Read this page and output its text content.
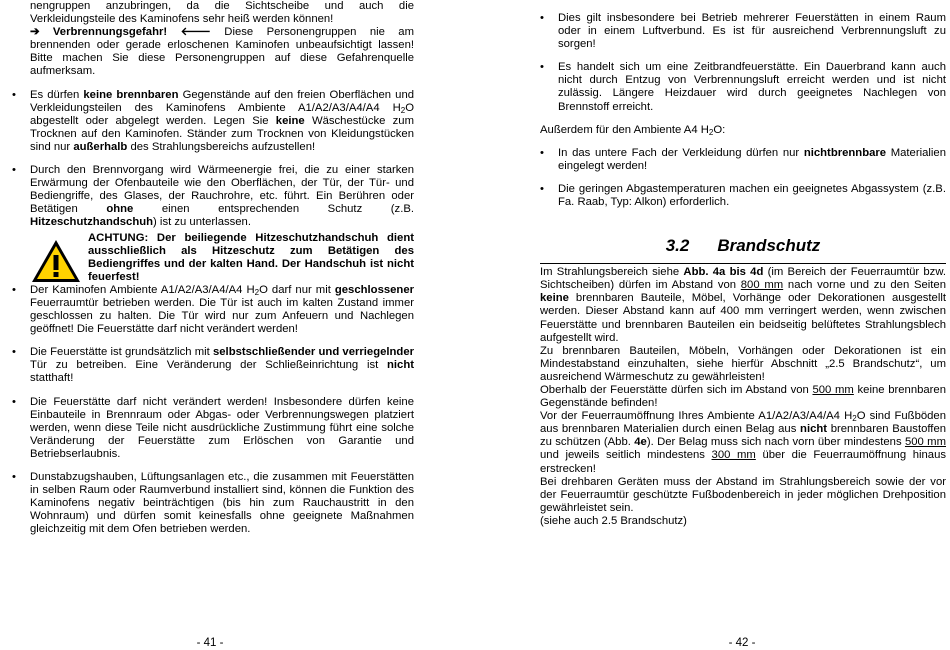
nengruppen anzubringen, da die Sichtscheibe und auch die Verkleidungsteile des Kaminofens sehr heiß werden können!
➔ Verbrennungsgefahr! 🡐 Diese Personengruppen nie am brennenden oder gerade erloschenen Kaminofen unbeaufsichtigt lassen! Bitte machen Sie diese Personengruppen auf diese Gefahrenquelle aufmerksam.

• Es dürfen keine brennbaren Gegenstände auf den freien Oberflächen und Verkleidungsteilen des Kaminofens Ambiente A1/A2/A3/A4/A4 $H_2O$ abgestellt oder abgelegt werden. Legen Sie keine Wäschestücke zum Trocknen auf den Kaminofen. Ständer zum Trocknen von Kleidungstücken sind nur außerhalb des Strahlungsbereichs aufzustellen!
• Durch den Brennvorgang wird Wärmeenergie frei, die zu einer starken Erwärmung der Ofenbauteile wie den Oberflächen, der Tür, der Tür- und Bediengriffe, des Glases, der Rauchrohre, etc. führt. Ein Berühren oder Betätigen ohne einen entsprechenden Schutz (z.B. Hitzeschutzhandschuh) ist zu unterlassen.

ACHTUNG: Der beiliegende Hitzeschutzhandschuh dient ausschließlich als Hitzeschutz zum Betätigen des Bediengriffes und der kalten Hand. Der Handschuh ist nicht feuerfest!

• Der Kaminofen Ambiente A1/A2/A3/A4/A4 $H_2O$ darf nur mit geschlossener Feuerraumtür betrieben werden. Die Tür ist auch im kalten Zustand immer geschlossen zu halten. Die Tür wird nur zum Anfeuern und Nachlegen geöffnet! Die Feuerstätte darf nicht verändert werden!
• Die Feuerstätte ist grundsätzlich mit selbstschließender und verriegelnder Tür zu betreiben. Eine Veränderung der Schließeinrichtung ist nicht statthaft!
• Die Feuerstätte darf nicht verändert werden! Insbesondere dürfen keine Einbauteile in Brennraum oder Abgas- oder Verbrennungswegen platziert werden, wenn diese Teile nicht ausdrückliche Zustimmung führt eine solche Veränderung der Feuerstätte zum Erlöschen von Garantie und Betriebserlaubnis.
• Dunstabzugshauben, Lüftungsanlagen etc., die zusammen mit Feuerstätten in selben Raum oder Raumverbund installiert sind, können die Funktion des Kaminofens negativ beinträchtigen (bis hin zum Rauchaustritt in den Wohnraum) und dürfen somit keinesfalls ohne geeignete Maßnahmen gleichzeitig mit dem Ofen betrieben werden.
- 41 -
• Dies gilt insbesondere bei Betrieb mehrerer Feuerstätten in einem Raum oder in einem Luftverbund. Es ist für ausreichend Verbrennungsluft zu sorgen!
• Es handelt sich um eine Zeitbrandfeuerstätte. Ein Dauerbrand kann auch nicht durch Entzug von Verbrennungsluft erreicht werden und ist nicht zulässig. Längere Heizdauer wird durch geeignetes Nachlegen von Brennstoff erreicht.

Außerdem für den Ambiente A4 $H_2O$:

• In das untere Fach der Verkleidung dürfen nur nichtbrennbare Materialien eingelegt werden!
• Die geringen Abgastemperaturen machen ein geeignetes Abgassystem (z.B. Fa. Raab, Typ: Alkon) erforderlich.
3.2 Brandschutz

Im Strahlungsbereich siehe Abb. 4a bis 4d (im Bereich der Feuerraumtür bzw. Sichtscheiben) dürfen im Abstand von 800 mm nach vorne und zu den Seiten keine brennbaren Bauteile, Möbel, Vorhänge oder Dekorationen ausgestellt werden. Dieser Abstand kann auf 400 mm verringert werden, wenn zwischen Feuerstätte und brennbaren Bauteilen ein beidseitig belüftetes Strahlungsblech aufgestellt wird.

Zu brennbaren Bauteilen, Möbeln, Vorhängen oder Dekorationen ist ein Mindestabstand einzuhalten, siehe hierfür Abschnitt „2.5 Brandschutz“, um ausreichend Wärmeschutz zu gewährleisten!

Oberhalb der Feuerstätte dürfen sich im Abstand von 500 mm keine brennbaren Gegenstände befinden!

Vor der Feuerraumöffnung Ihres Ambiente A1/A2/A3/A4/A4 $H_2O$ sind Fußböden aus brennbaren Materialien durch einen Belag aus nicht brennbaren Baustoffen zu schützen (Abb. 4e). Der Belag muss sich nach vorn über mindestens 500 mm und jeweils seitlich mindestens 300 mm über die Feuerraumöffnung hinaus erstrecken!

Bei drehbaren Geräten muss der Abstand im Strahlungsbereich sowie der vor der Feuerraumtür geschützte Fußbodenbereich in jeder möglichen Drehposition gewährleistet sein.

(siehe auch 2.5 Brandschutz)

- 42 -
